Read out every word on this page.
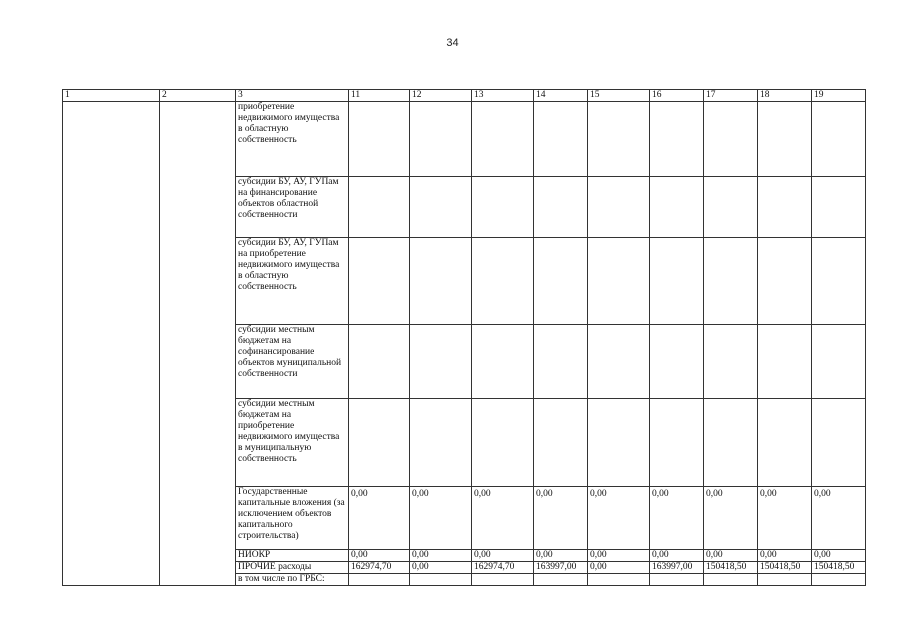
34
1	2	3	11	12	13	14	15	16	17	18	19
		приобретение недвижимого имущества в областную собственность									
		субсидии БУ, АУ, ГУПам на финансирование объектов областной собственности									
		субсидии БУ, АУ, ГУПам на приобретение недвижимого имущества в областную собственность									
		субсидии местным бюджетам на софинансирование объектов муниципальной собственности									
		субсидии местным бюджетам на приобретение недвижимого имущества в муниципальную собственность									
		Государственные капитальные вложения (за исключением объектов капитального строительства)	0,00	0,00	0,00	0,00	0,00	0,00	0,00	0,00	0,00
		НИОКР	0,00	0,00	0,00	0,00	0,00	0,00	0,00	0,00	0,00
		ПРОЧИЕ расходы	162974,70	0,00	162974,70	163997,00	0,00	163997,00	150418,50	150418,50	150418,50
		в том числе по ГРБС:									
